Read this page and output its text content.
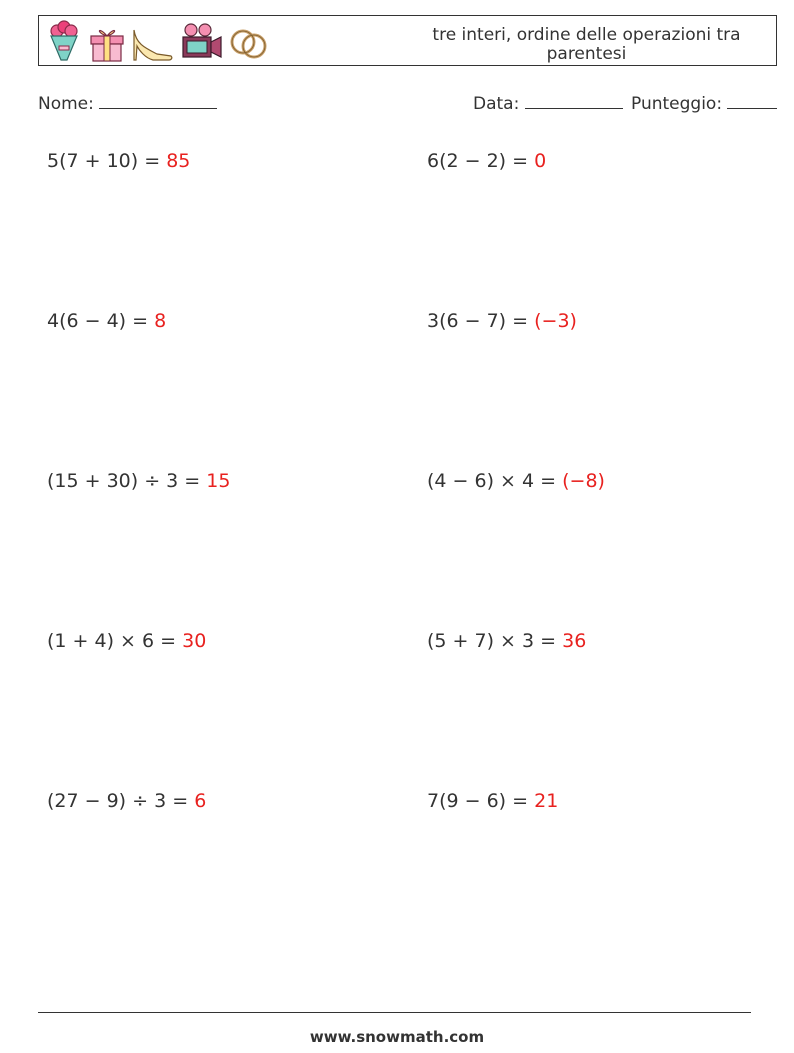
tre interi, ordine delle operazioni tra parentesi
Nome:	Data:	Punteggio:
5(7 + 10) = 85	6(2 − 2) = 0
4(6 − 4) = 8	3(6 − 7) = (−3)
(15 + 30) ÷ 3 = 15	(4 − 6) × 4 = (−8)
(1 + 4) × 6 = 30	(5 + 7) × 3 = 36
(27 − 9) ÷ 3 = 6	7(9 − 6) = 21
www.snowmath.com
